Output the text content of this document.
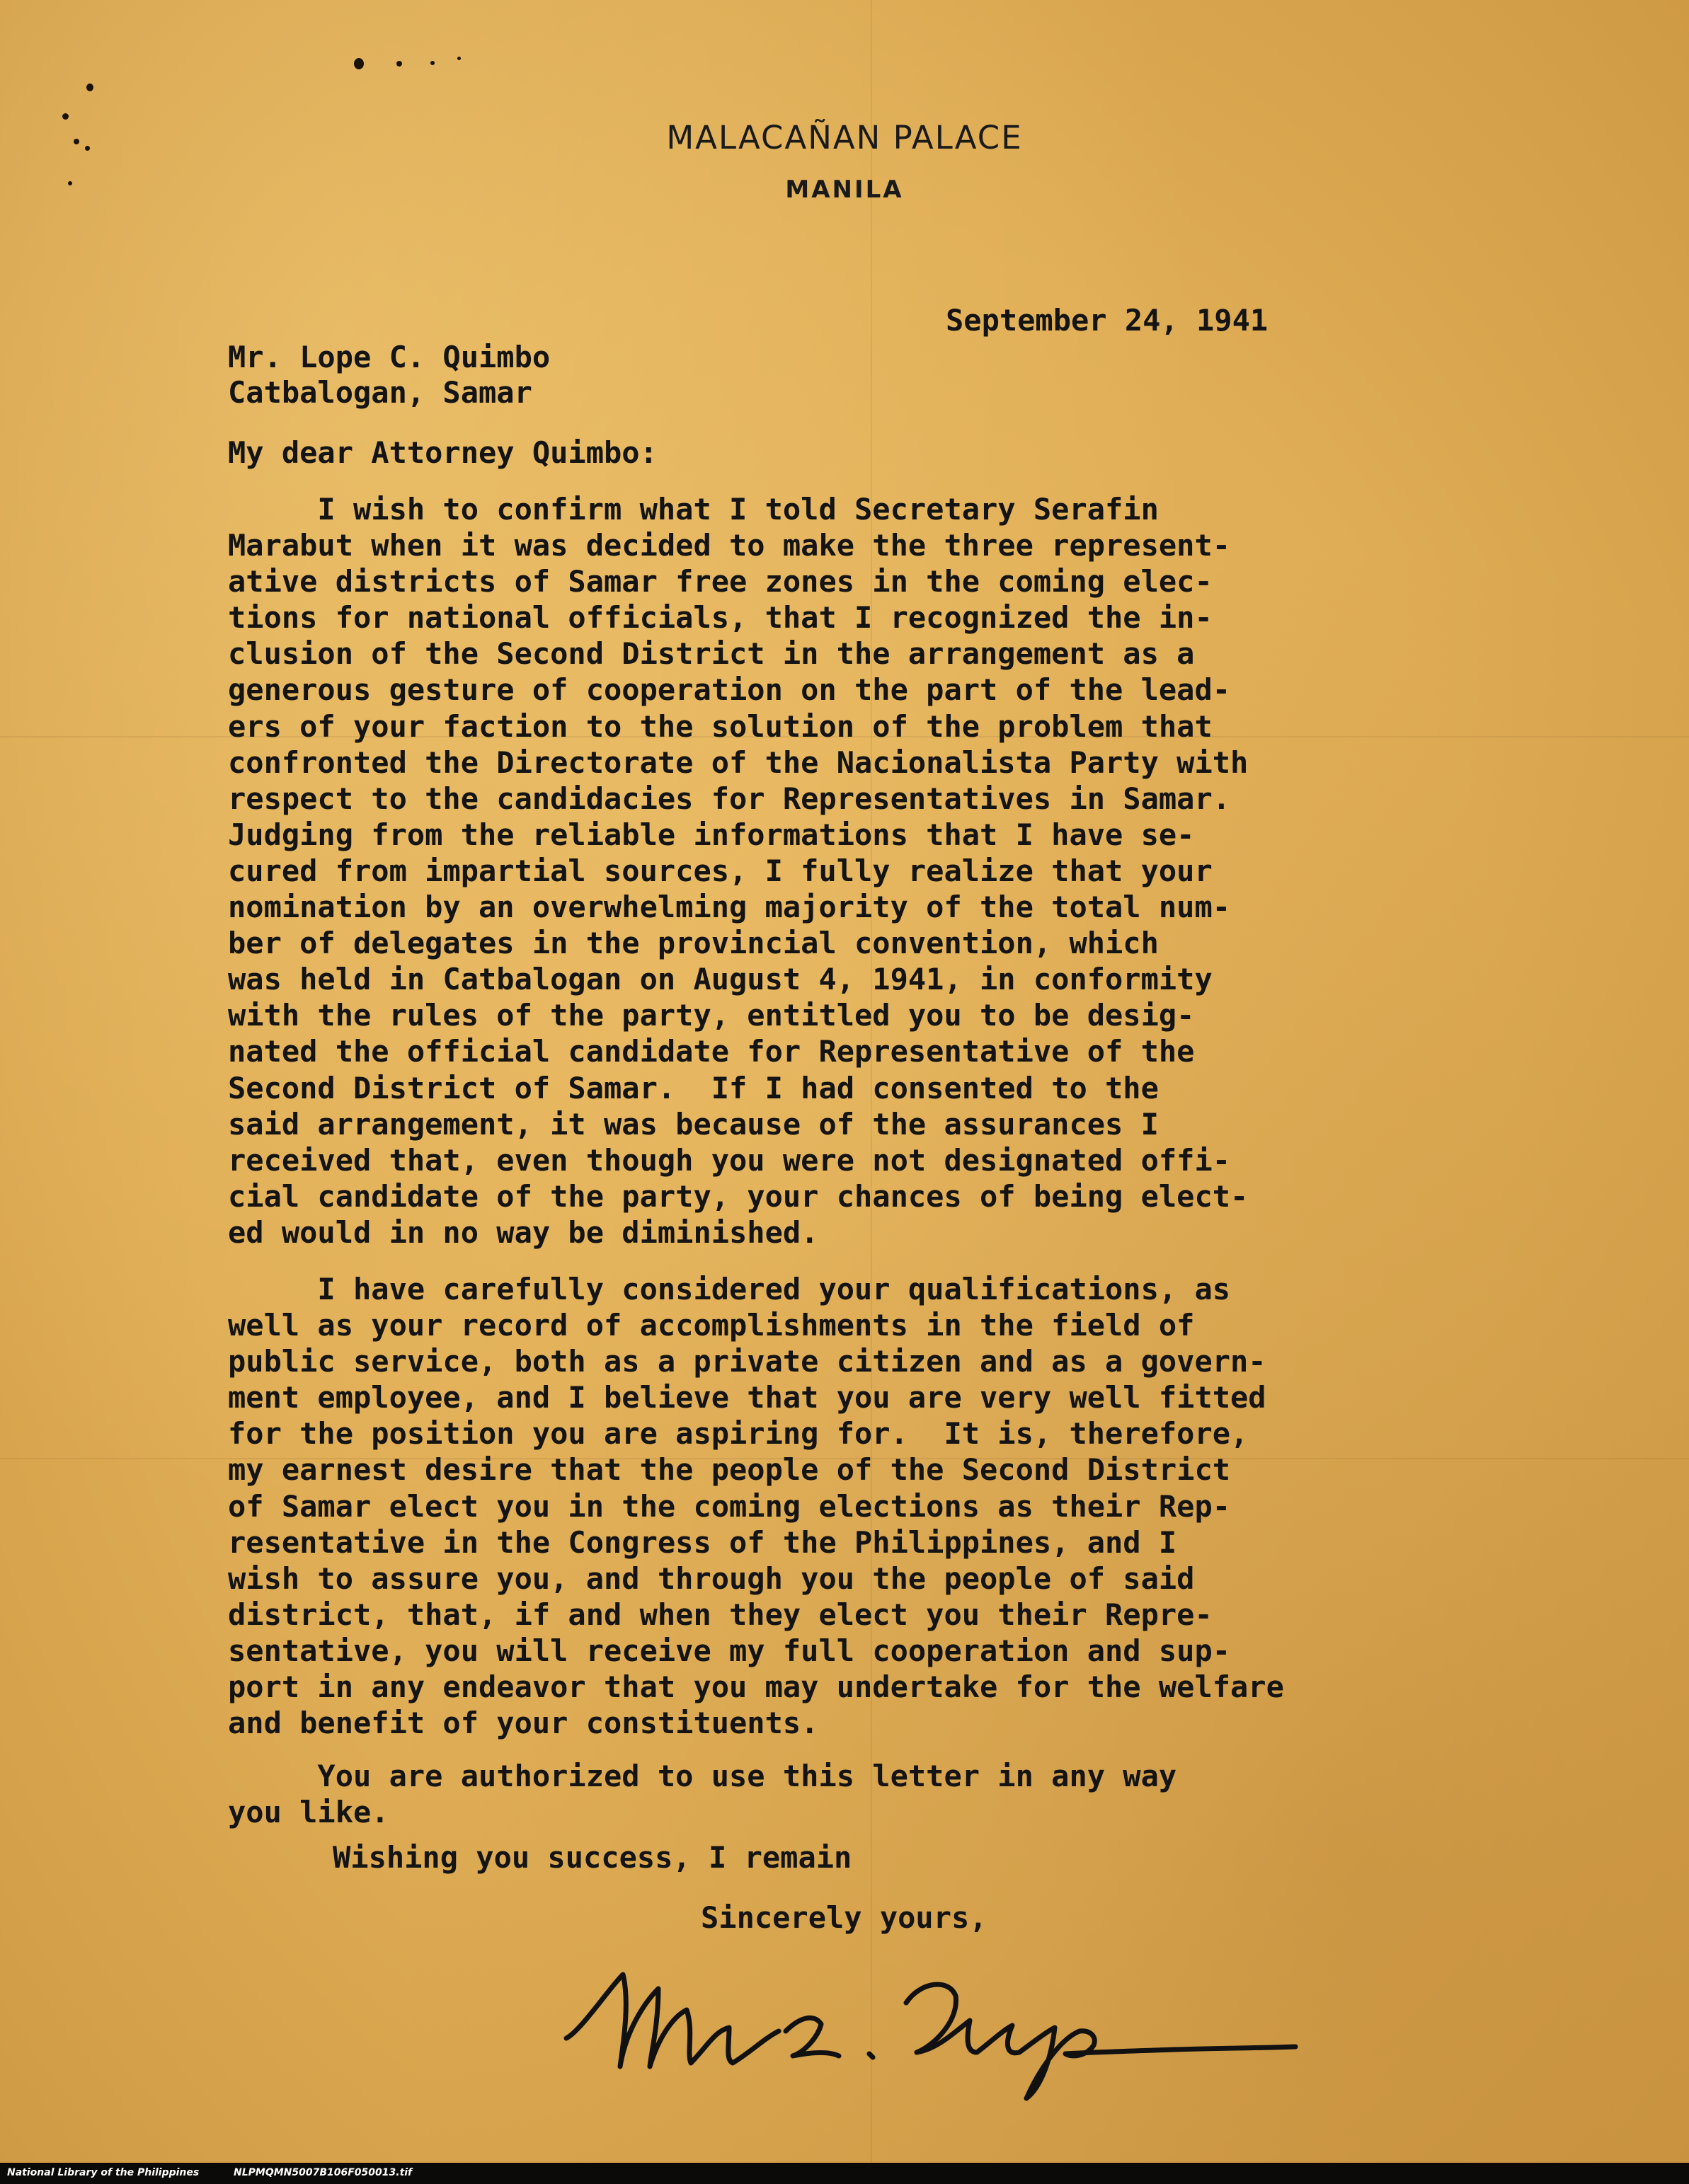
MALACAÑAN PALACE
MANILA
September 24, 1941
Mr. Lope C. Quimbo
Catbalogan, Samar
My dear Attorney Quimbo:
I wish to confirm what I told Secretary Serafin
Marabut when it was decided to make the three represent-
ative districts of Samar free zones in the coming elec-
tions for national officials, that I recognized the in-
clusion of the Second District in the arrangement as a
generous gesture of cooperation on the part of the lead-
ers of your faction to the solution of the problem that
confronted the Directorate of the Nacionalista Party with
respect to the candidacies for Representatives in Samar.
Judging from the reliable informations that I have se-
cured from impartial sources, I fully realize that your
nomination by an overwhelming majority of the total num-
ber of delegates in the provincial convention, which
was held in Catbalogan on August 4, 1941, in conformity
with the rules of the party, entitled you to be desig-
nated the official candidate for Representative of the
Second District of Samar.  If I had consented to the
said arrangement, it was because of the assurances I
received that, even though you were not designated offi-
cial candidate of the party, your chances of being elect-
ed would in no way be diminished.
I have carefully considered your qualifications, as
well as your record of accomplishments in the field of
public service, both as a private citizen and as a govern-
ment employee, and I believe that you are very well fitted
for the position you are aspiring for.  It is, therefore,
my earnest desire that the people of the Second District
of Samar elect you in the coming elections as their Rep-
resentative in the Congress of the Philippines, and I
wish to assure you, and through you the people of said
district, that, if and when they elect you their Repre-
sentative, you will receive my full cooperation and sup-
port in any endeavor that you may undertake for the welfare
and benefit of your constituents.
You are authorized to use this letter in any way
you like.
Wishing you success, I remain
Sincerely yours,
National Library of the Philippines	NLPMQMN5007B106F050013.tif
